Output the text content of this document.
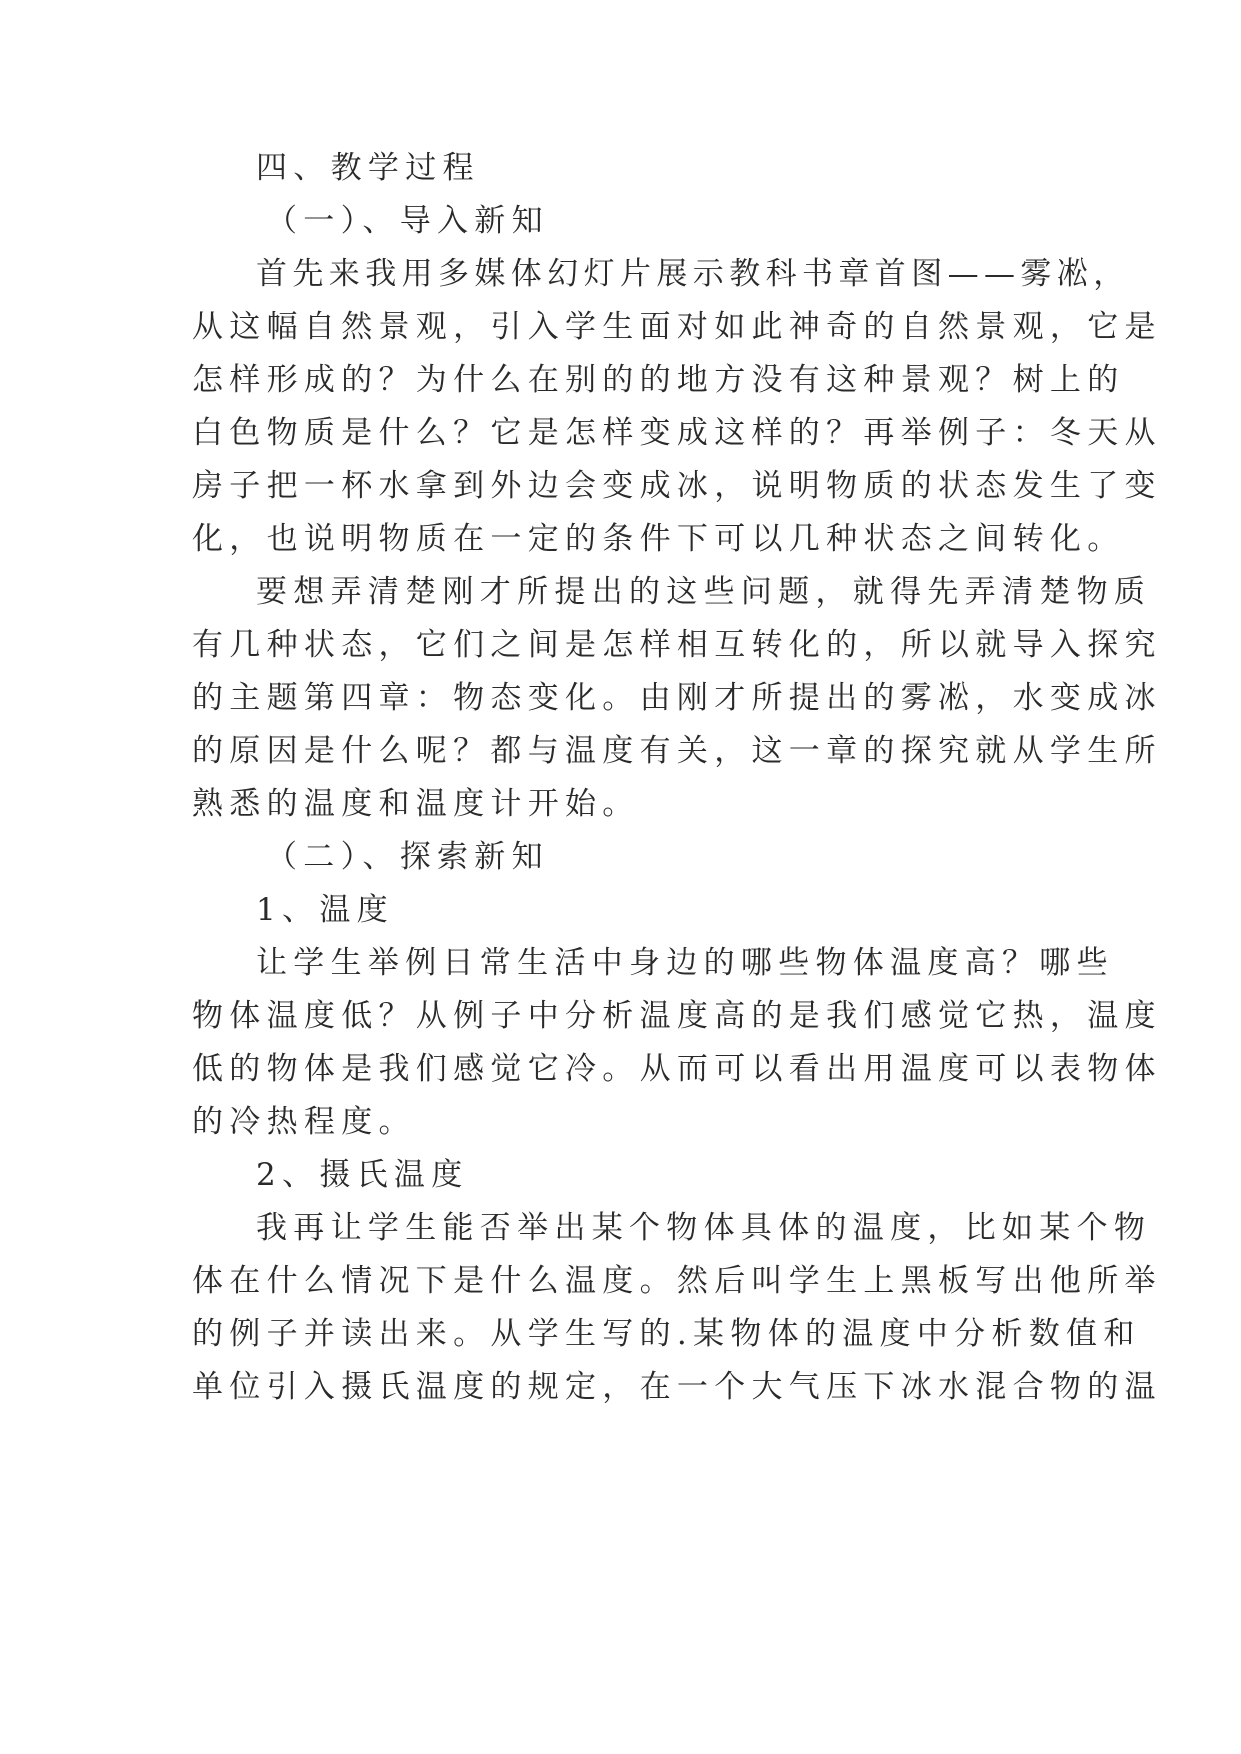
四、教学过程
（一）、导入新知
首先来我用多媒体幻灯片展示教科书章首图——雾凇，
从这幅自然景观，引入学生面对如此神奇的自然景观，它是
怎样形成的？为什么在别的的地方没有这种景观？树上的
白色物质是什么？它是怎样变成这样的？再举例子：冬天从
房子把一杯水拿到外边会变成冰，说明物质的状态发生了变
化，也说明物质在一定的条件下可以几种状态之间转化。
要想弄清楚刚才所提出的这些问题，就得先弄清楚物质
有几种状态，它们之间是怎样相互转化的，所以就导入探究
的主题第四章：物态变化。由刚才所提出的雾凇，水变成冰
的原因是什么呢？都与温度有关，这一章的探究就从学生所
熟悉的温度和温度计开始。
（二）、探索新知
1、温度
让学生举例日常生活中身边的哪些物体温度高？哪些
物体温度低？从例子中分析温度高的是我们感觉它热，温度
低的物体是我们感觉它冷。从而可以看出用温度可以表物体
的冷热程度。
2、摄氏温度
我再让学生能否举出某个物体具体的温度，比如某个物
体在什么情况下是什么温度。然后叫学生上黑板写出他所举
的例子并读出来。从学生写的.某物体的温度中分析数值和
单位引入摄氏温度的规定，在一个大气压下冰水混合物的温
